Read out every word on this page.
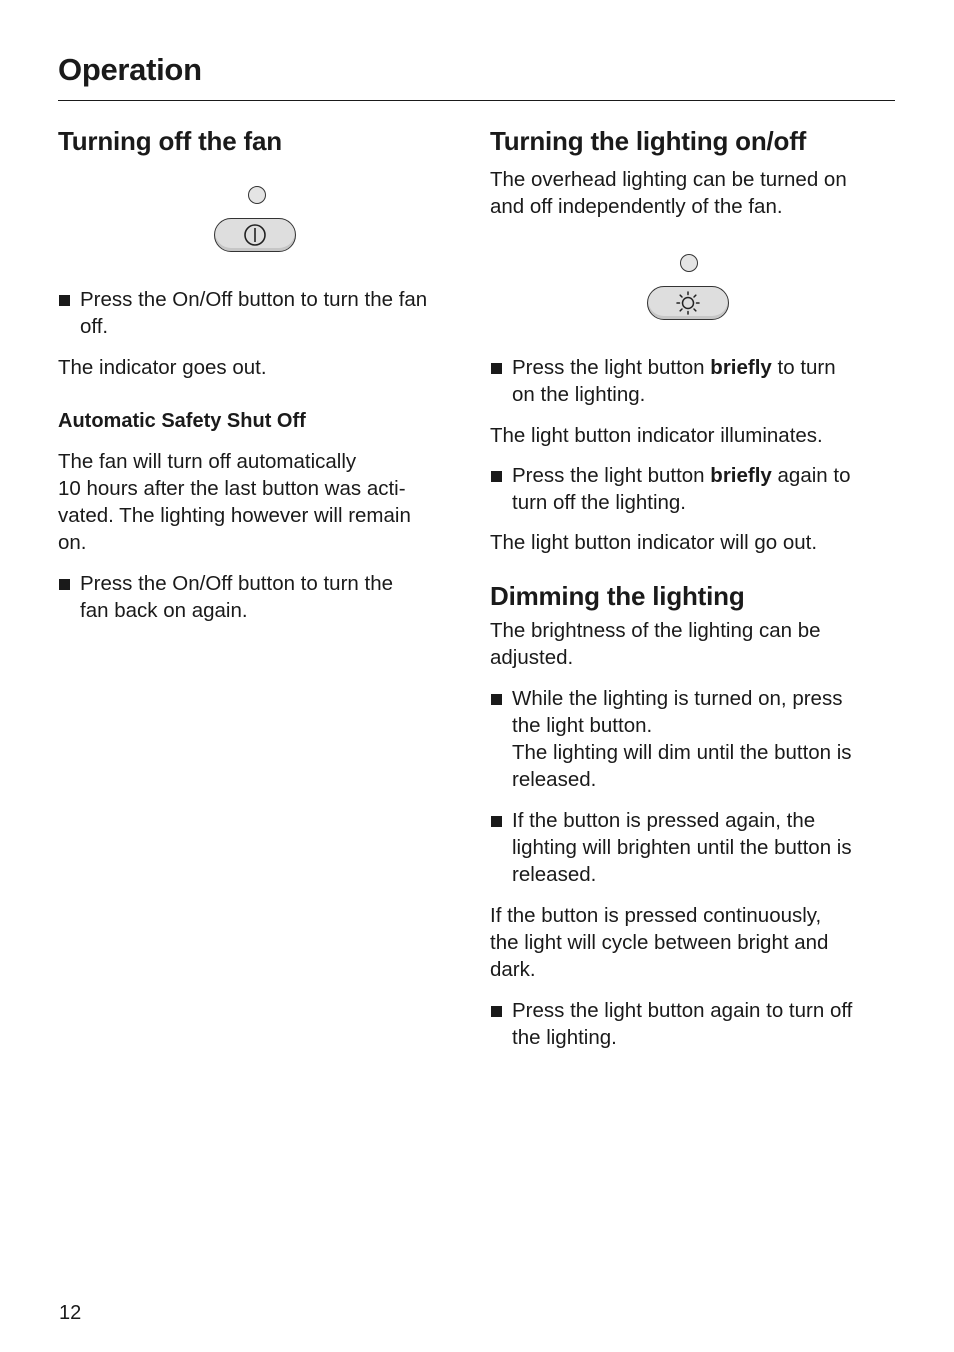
Operation
Turning off the fan
Press the On/Off button to turn the fan off.

The indicator goes out.

Automatic Safety Shut Off

The fan will turn off automatically
10 hours after the last button was acti-
vated. The lighting however will remain
on.

Press the On/Off button to turn the
fan back on again.
Turning the lighting on/off

The overhead lighting can be turned on
and off independently of the fan.

Press the light button briefly to turn
on the lighting.

The light button indicator illuminates.

Press the light button briefly again to
turn off the lighting.

The light button indicator will go out.

Dimming the lighting

The brightness of the lighting can be
adjusted.

While the lighting is turned on, press
the light button.
The lighting will dim until the button is
released.
If the button is pressed again, the
lighting will brighten until the button is
released.

If the button is pressed continuously,
the light will cycle between bright and
dark.

Press the light button again to turn off
the lighting.

12
